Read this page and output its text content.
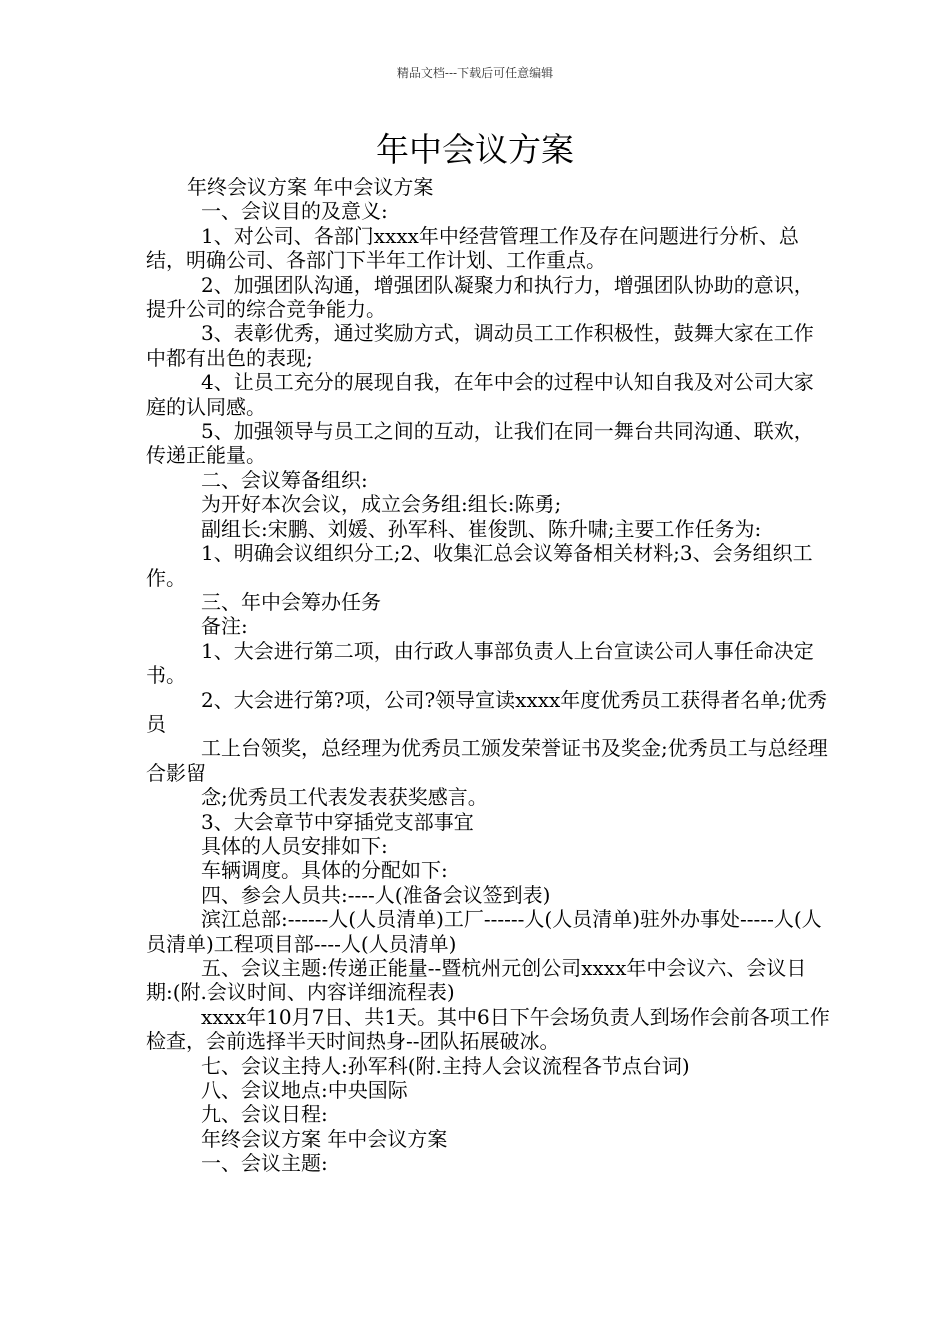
精品文档---下载后可任意编辑
年中会议方案

年终会议方案 年中会议方案

一、会议目的及意义:

1、对公司、各部门xxxx年中经营管理工作及存在问题进行分析、总结，明确公司、各部门下半年工作计划、工作重点。

2、加强团队沟通，增强团队凝聚力和执行力，增强团队协助的意识，提升公司的综合竞争能力。

3、表彰优秀，通过奖励方式，调动员工工作积极性，鼓舞大家在工作中都有出色的表现;

4、让员工充分的展现自我，在年中会的过程中认知自我及对公司大家庭的认同感。

5、加强领导与员工之间的互动，让我们在同一舞台共同沟通、联欢，传递正能量。

二、会议筹备组织:

为开好本次会议，成立会务组:组长:陈勇;

副组长:宋鹏、刘媛、孙军科、崔俊凯、陈升啸;主要工作任务为:

1、明确会议组织分工;2、收集汇总会议筹备相关材料;3、会务组织工作。

三、年中会筹办任务

备注:

1、大会进行第二项，由行政人事部负责人上台宣读公司人事任命决定书。

2、大会进行第?项，公司?领导宣读xxxx年度优秀员工获得者名单;优秀员

工上台领奖，总经理为优秀员工颁发荣誉证书及奖金;优秀员工与总经理合影留

念;优秀员工代表发表获奖感言。

3、大会章节中穿插党支部事宜

具体的人员安排如下:

车辆调度。具体的分配如下:

四、参会人员共:----人(准备会议签到表)

滨江总部:------人(人员清单)工厂------人(人员清单)驻外办事处-----人(人员清单)工程项目部----人(人员清单)

五、会议主题:传递正能量--暨杭州元创公司xxxx年中会议六、会议日期:(附.会议时间、内容详细流程表)

xxxx年10月7日、共1天。其中6日下午会场负责人到场作会前各项工作检查，会前选择半天时间热身--团队拓展破冰。

七、会议主持人:孙军科(附.主持人会议流程各节点台词)

八、会议地点:中央国际

九、会议日程:

年终会议方案 年中会议方案

一、会议主题:
